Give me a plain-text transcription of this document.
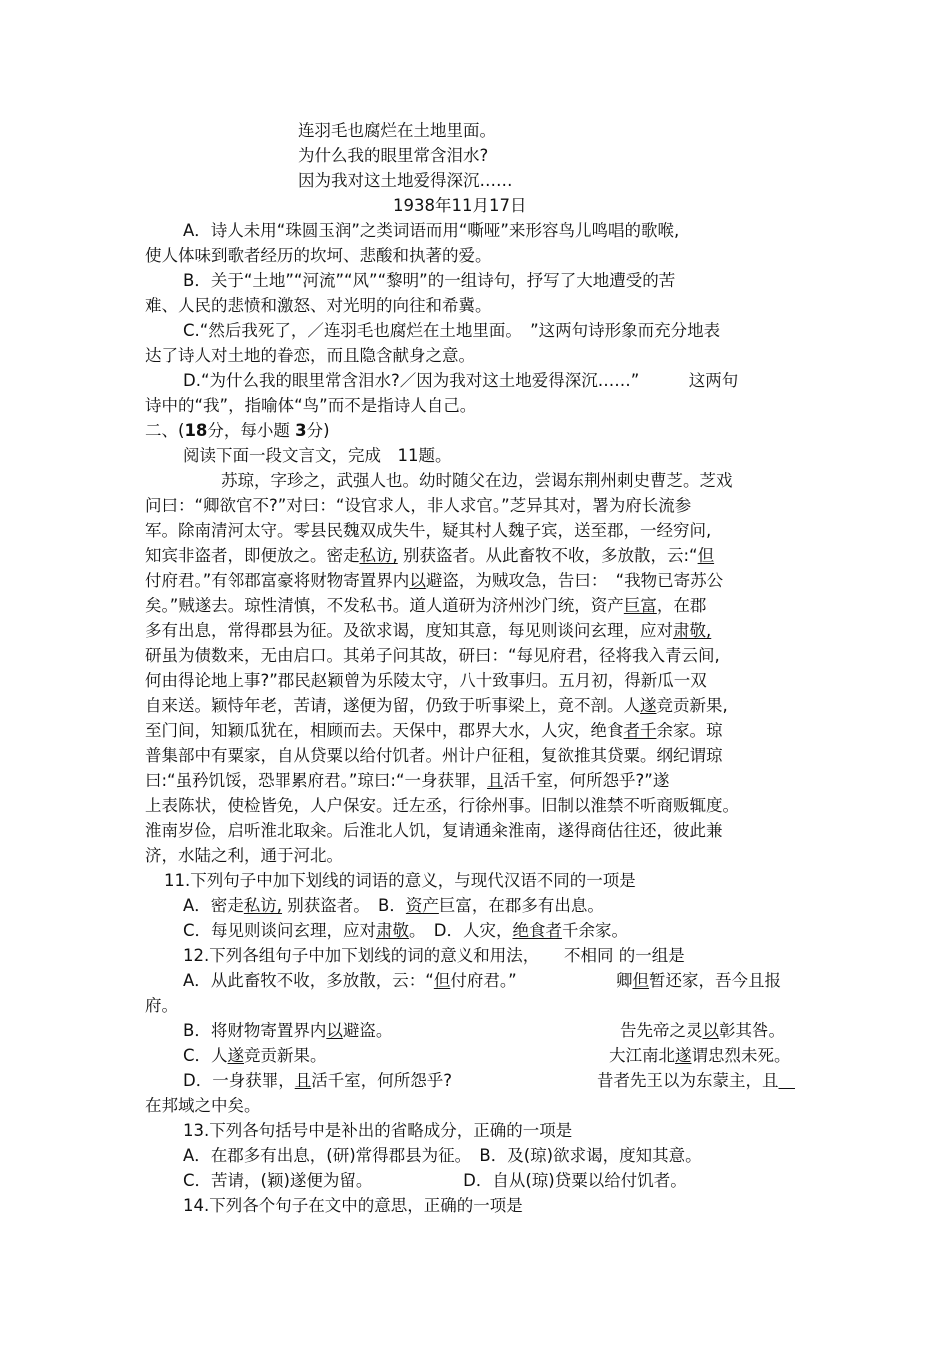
连羽毛也腐烂在土地里面。
为什么我的眼里常含泪水?
因为我对这土地爱得深沉……
1938年11月17日
A．诗人未用“珠圆玉润”之类词语而用“嘶哑”来形容鸟儿鸣唱的歌喉,
使人体味到歌者经历的坎坷、悲酸和执著的爱。
B．关于“土地”“河流”“风”“黎明”的一组诗句，抒写了大地遭受的苦
难、人民的悲愤和激怒、对光明的向往和希冀。
C.“然后我死了，／连羽毛也腐烂在土地里面。　”这两句诗形象而充分地表
达了诗人对土地的眷恋，而且隐含献身之意。
D.“为什么我的眼里常含泪水?／因为我对这土地爱得深沉……”　　　这两句
诗中的“我”，指喻体“鸟”而不是指诗人自己。
二、(18分，每小题 3分)
阅读下面一段文言文，完成　11题。
苏琼，字珍之，武强人也。幼时随父在边，尝谒东荆州刺史曹芝。芝戏
问曰：“卿欲官不?”对曰：“设官求人，非人求官。”芝异其对，署为府长流参
军。除南清河太守。零县民魏双成失牛，疑其村人魏子宾，送至郡，一经穷问,
知宾非盗者，即便放之。密走私访, 别获盗者。从此畜牧不收，多放散，云:“但
付府君。”有邻郡富豪将财物寄置界内以避盗，为贼攻急，告曰：　“我物已寄苏公
矣。”贼遂去。琼性清慎，不发私书。道人道研为济州沙门统，资产巨富，在郡
多有出息，常得郡县为征。及欲求谒，度知其意，每见则谈问玄理，应对肃敬,
研虽为债数来，无由启口。其弟子问其故，研曰：“每见府君，径将我入青云间,
何由得论地上事?”郡民赵颖曾为乐陵太守，八十致事归。五月初，得新瓜一双
自来送。颖恃年老，苦请，遂便为留，仍致于听事梁上，竟不剖。人遂竞贡新果,
至门间，知颖瓜犹在，相顾而去。天保中，郡界大水，人灾，绝食者千余家。琼
普集部中有粟家，自从贷粟以给付饥者。州计户征租，复欲推其贷粟。纲纪谓琼
曰:“虽矜饥馁，恐罪累府君。”琼曰:“一身获罪，且活千室，何所怨乎?”遂
上表陈状，使检皆免，人户保安。迁左丞，行徐州事。旧制以淮禁不听商贩辄度。
淮南岁俭，启听淮北取籴。后淮北人饥，复请通籴淮南，遂得商估往还，彼此兼
济，水陆之利，通于河北。
11.下列句子中加下划线的词语的意义，与现代汉语不同的一项是
A．密走私访, 别获盗者。　B．资产巨富，在郡多有出息。
C．每见则谈问玄理，应对肃敬。　D．人灾，绝食者千余家。
12.下列各组句子中加下划线的词的意义和用法，　　不相同 的一组是
A．从此畜牧不收，多放散，云：“但付府君。”	卿但暂还家，吾今且报
府。
B．将财物寄置界内以避盗。	告先帝之灵以彰其咎。
C．人遂竞贡新果。	大江南北遂谓忠烈未死。
D．一身获罪，且活千室，何所怨乎?	昔者先王以为东蒙主，且 
在邦域之中矣。
13.下列各句括号中是补出的省略成分，正确的一项是
A．在郡多有出息，(研)常得郡县为征。　B．及(琼)欲求谒，度知其意。
C．苦请，(颖)遂便为留。　　　　　　D．自从(琼)贷粟以给付饥者。
14.下列各个句子在文中的意思，正确的一项是
